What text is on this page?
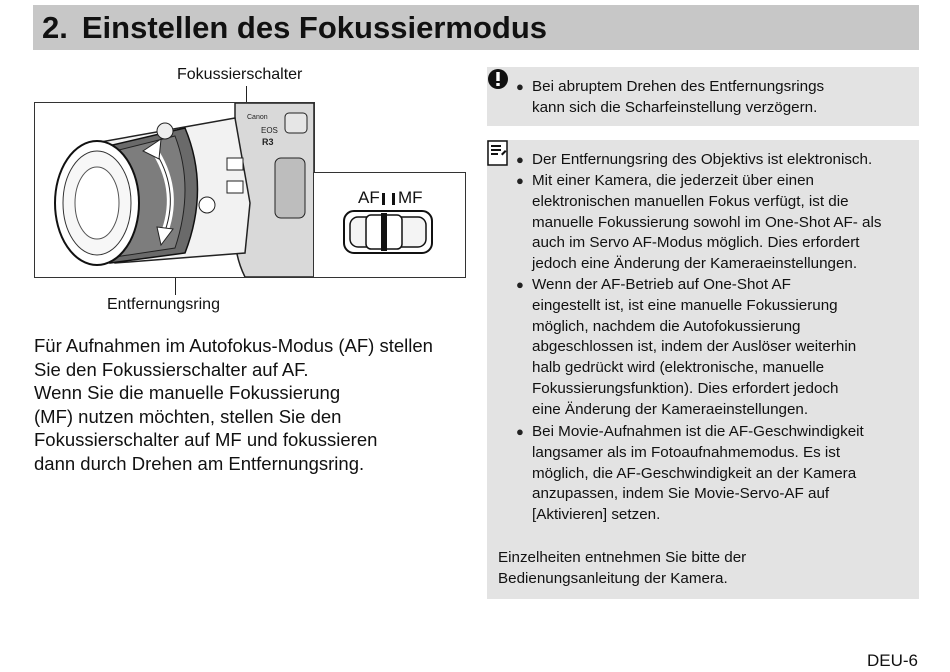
2. Einstellen des Fokussiermodus
Fokussierschalter
Entfernungsring
EOS
R3
Canon
AF MF
Für Aufnahmen im Autofokus-Modus (AF) stellen
Sie den Fokussierschalter auf AF.
Wenn Sie die manuelle Fokussierung
(MF) nutzen möchten, stellen Sie den
Fokussierschalter auf MF und fokussieren
dann durch Drehen am Entfernungsring.
● Bei abruptem Drehen des Entfernungsrings
kann sich die Scharfeinstellung verzögern.
● Der Entfernungsring des Objektivs ist elektronisch.
● Mit einer Kamera, die jederzeit über einen
elektronischen manuellen Fokus verfügt, ist die
manuelle Fokussierung sowohl im One-Shot AF- als
auch im Servo AF-Modus möglich. Dies erfordert
jedoch eine Änderung der Kameraeinstellungen.
● Wenn der AF-Betrieb auf One-Shot AF
eingestellt ist, ist eine manuelle Fokussierung
möglich, nachdem die Autofokussierung
abgeschlossen ist, indem der Auslöser weiterhin
halb gedrückt wird (elektronische, manuelle
Fokussierungsfunktion). Dies erfordert jedoch
eine Änderung der Kameraeinstellungen.
● Bei Movie-Aufnahmen ist die AF-Geschwindigkeit
langsamer als im Fotoaufnahmemodus. Es ist
möglich, die AF-Geschwindigkeit an der Kamera
anzupassen, indem Sie Movie-Servo-AF auf
[Aktivieren] setzen.
Einzelheiten entnehmen Sie bitte der
Bedienungsanleitung der Kamera.
DEU-6
